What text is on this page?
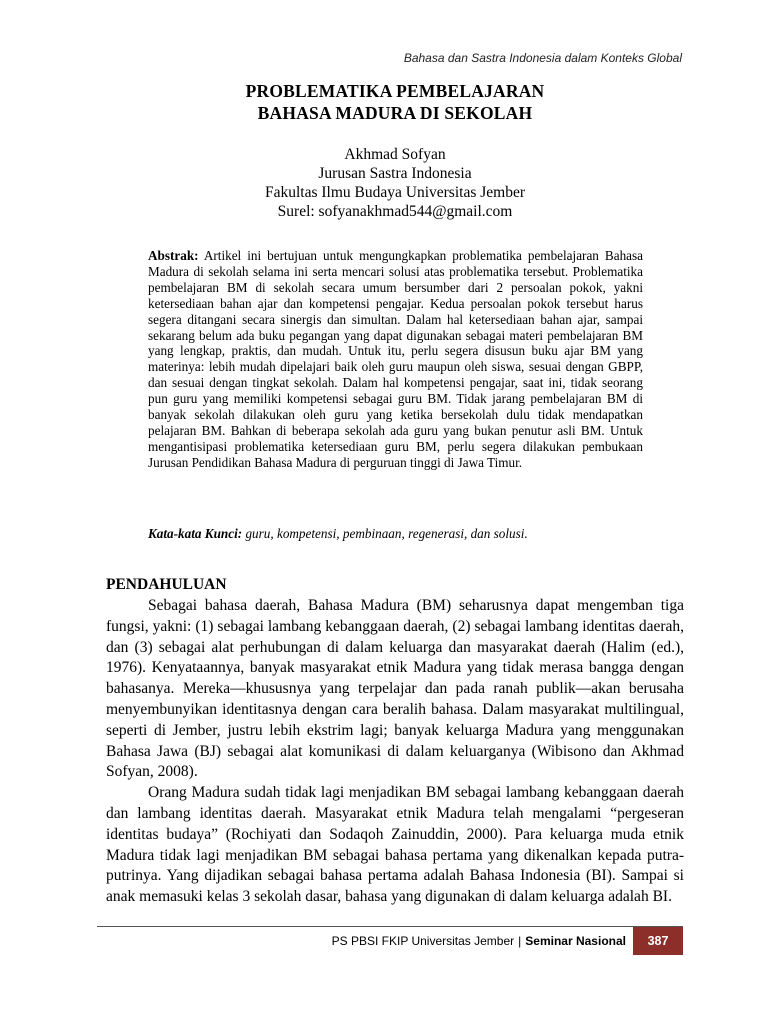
Bahasa dan Sastra Indonesia dalam Konteks Global
PROBLEMATIKA PEMBELAJARAN
BAHASA MADURA DI SEKOLAH
Akhmad Sofyan
Jurusan Sastra Indonesia
Fakultas Ilmu Budaya Universitas Jember
Surel: sofyanakhmad544@gmail.com
Abstrak: Artikel ini bertujuan untuk mengungkapkan problematika pembelajaran Bahasa Madura di sekolah selama ini serta mencari solusi atas problematika tersebut. Problematika pembelajaran BM di sekolah secara umum bersumber dari 2 persoalan pokok, yakni ketersediaan bahan ajar dan kompetensi pengajar. Kedua persoalan pokok tersebut harus segera ditangani secara sinergis dan simultan. Dalam hal ketersediaan bahan ajar, sampai sekarang belum ada buku pegangan yang dapat digunakan sebagai materi pembelajaran BM yang lengkap, praktis, dan mudah. Untuk itu, perlu segera disusun buku ajar BM yang materinya: lebih mudah dipelajari baik oleh guru maupun oleh siswa, sesuai dengan GBPP, dan sesuai dengan tingkat sekolah. Dalam hal kompetensi pengajar, saat ini, tidak seorang pun guru yang memiliki kompetensi sebagai guru BM. Tidak jarang pembelajaran BM di banyak sekolah dilakukan oleh guru yang ketika bersekolah dulu tidak mendapatkan pelajaran BM. Bahkan di beberapa sekolah ada guru yang bukan penutur asli BM. Untuk mengantisipasi problematika ketersediaan guru BM, perlu segera dilakukan pembukaan Jurusan Pendidikan Bahasa Madura di perguruan tinggi di Jawa Timur.
Kata-kata Kunci: guru, kompetensi, pembinaan, regenerasi, dan solusi.
PENDAHULUAN

Sebagai bahasa daerah, Bahasa Madura (BM) seharusnya dapat mengemban tiga fungsi, yakni: (1) sebagai lambang kebanggaan daerah, (2) sebagai lambang identitas daerah, dan (3) sebagai alat perhubungan di dalam keluarga dan masyarakat daerah (Halim (ed.), 1976). Kenyataannya, banyak masyarakat etnik Madura yang tidak merasa bangga dengan bahasanya. Mereka—khususnya yang terpelajar dan pada ranah publik—akan berusaha menyembunyikan identitasnya dengan cara beralih bahasa. Dalam masyarakat multilingual, seperti di Jember, justru lebih ekstrim lagi; banyak keluarga Madura yang menggunakan Bahasa Jawa (BJ) sebagai alat komunikasi di dalam keluarganya (Wibisono dan Akhmad Sofyan, 2008).

Orang Madura sudah tidak lagi menjadikan BM sebagai lambang kebanggaan daerah dan lambang identitas daerah. Masyarakat etnik Madura telah mengalami “pergeseran identitas budaya” (Rochiyati dan Sodaqoh Zainuddin, 2000). Para keluarga muda etnik Madura tidak lagi menjadikan BM sebagai bahasa pertama yang dikenalkan kepada putra-putrinya. Yang dijadikan sebagai bahasa pertama adalah Bahasa Indonesia (BI). Sampai si anak memasuki kelas 3 sekolah dasar, bahasa yang digunakan di dalam keluarga adalah BI.

PS PBSI FKIP Universitas Jember | Seminar Nasional	387
